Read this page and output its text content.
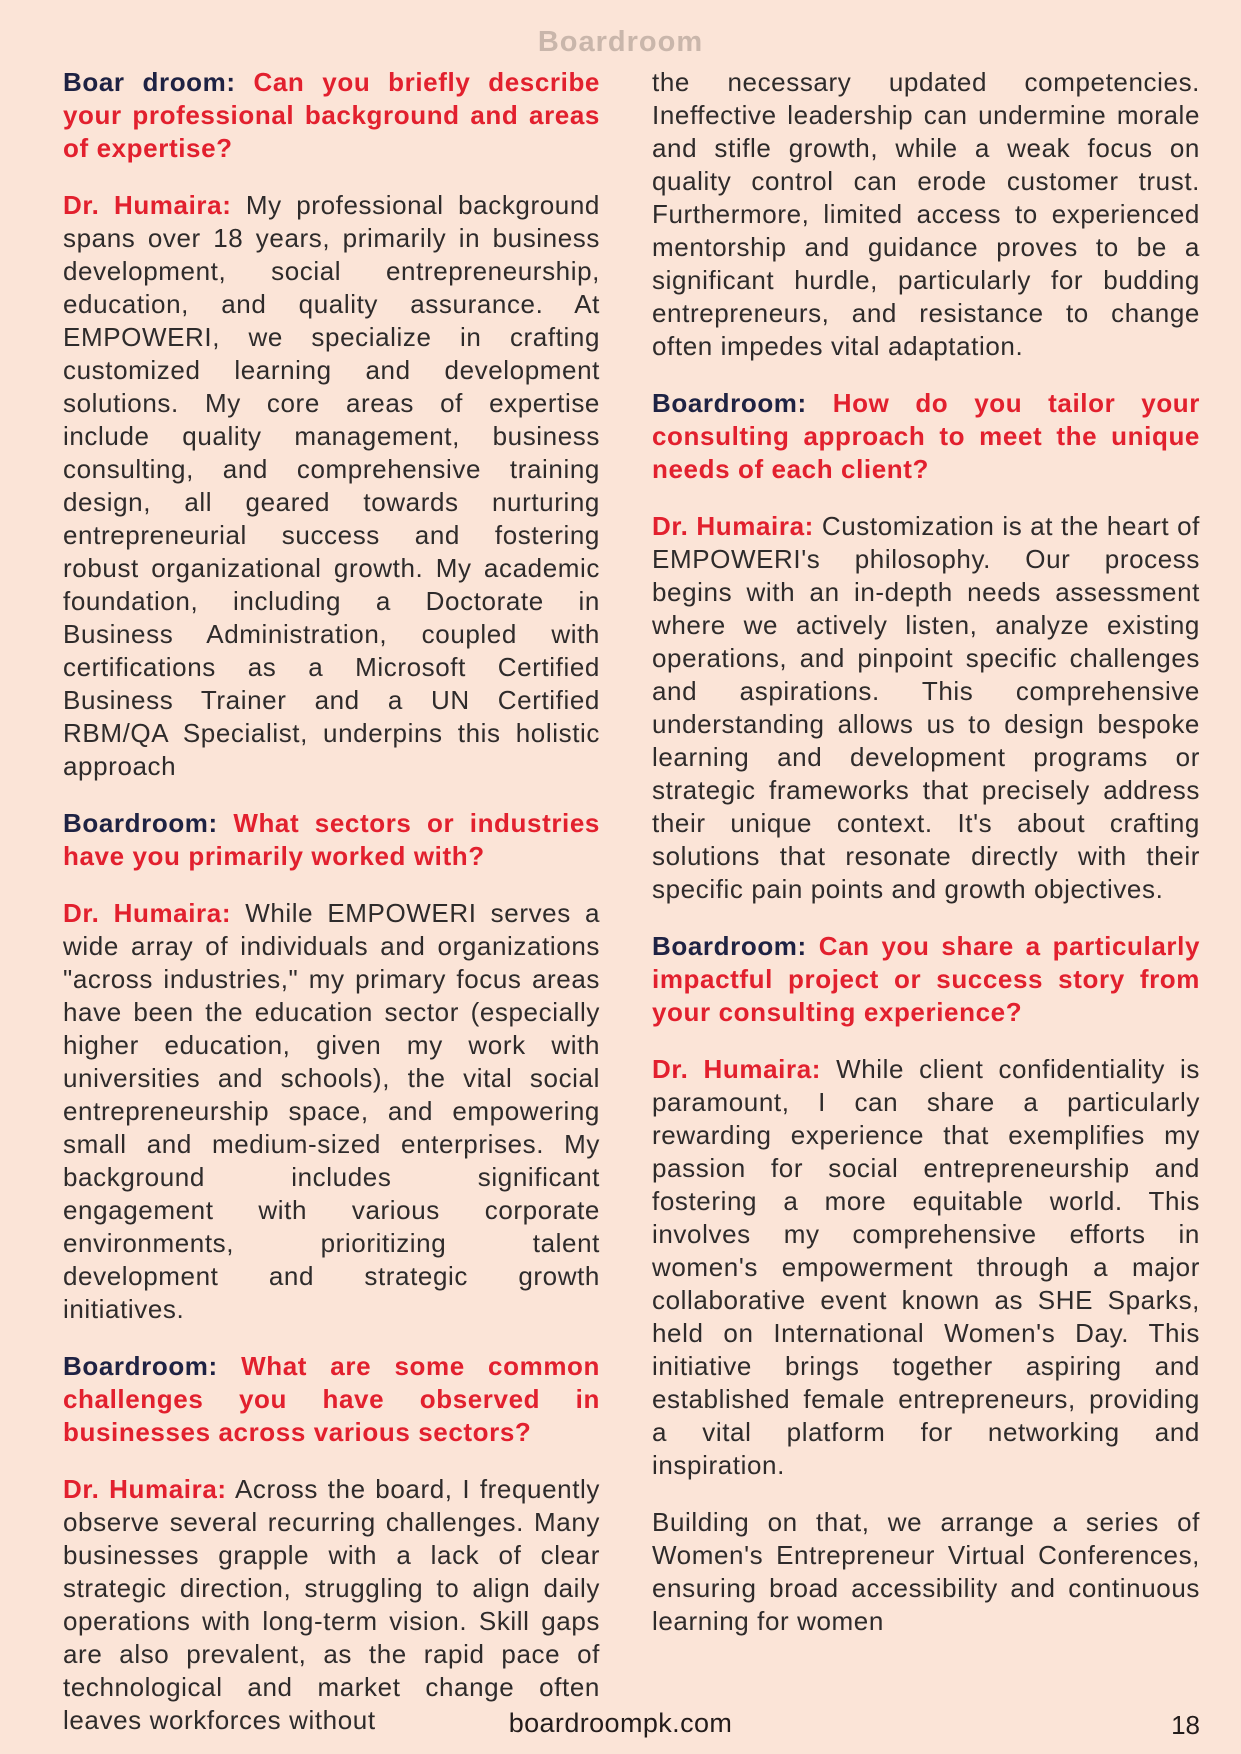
Boardroom

Boar droom: Can you briefly describe your professional background and areas of expertise?

Dr. Humaira: My professional background spans over 18 years, primarily in business development, social entrepreneurship, education, and quality assurance. At EMPOWERI, we specialize in crafting customized learning and development solutions. My core areas of expertise include quality management, business consulting, and comprehensive training design, all geared towards nurturing entrepreneurial success and fostering robust organizational growth. My academic foundation, including a Doctorate in Business Administration, coupled with certifications as a Microsoft Certified Business Trainer and a UN Certified RBM/QA Specialist, underpins this holistic approach

Boardroom: What sectors or industries have you primarily worked with?

Dr. Humaira: While EMPOWERI serves a wide array of individuals and organizations "across industries," my primary focus areas have been the education sector (especially higher education, given my work with universities and schools), the vital social entrepreneurship space, and empowering small and medium-sized enterprises. My background includes significant engagement with various corporate environments, prioritizing talent development and strategic growth initiatives.

Boardroom: What are some common challenges you have observed in businesses across various sectors?

Dr. Humaira: Across the board, I frequently observe several recurring challenges. Many businesses grapple with a lack of clear strategic direction, struggling to align daily operations with long-term vision. Skill gaps are also prevalent, as the rapid pace of technological and market change often leaves workforces without

the necessary updated competencies. Ineffective leadership can undermine morale and stifle growth, while a weak focus on quality control can erode customer trust. Furthermore, limited access to experienced mentorship and guidance proves to be a significant hurdle, particularly for budding entrepreneurs, and resistance to change often impedes vital adaptation.

Boardroom: How do you tailor your consulting approach to meet the unique needs of each client?

Dr. Humaira: Customization is at the heart of EMPOWERI's philosophy. Our process begins with an in-depth needs assessment where we actively listen, analyze existing operations, and pinpoint specific challenges and aspirations. This comprehensive understanding allows us to design bespoke learning and development programs or strategic frameworks that precisely address their unique context. It's about crafting solutions that resonate directly with their specific pain points and growth objectives.

Boardroom: Can you share a particularly impactful project or success story from your consulting experience?

Dr. Humaira: While client confidentiality is paramount, I can share a particularly rewarding experience that exemplifies my passion for social entrepreneurship and fostering a more equitable world. This involves my comprehensive efforts in women's empowerment through a major collaborative event known as SHE Sparks, held on International Women's Day. This initiative brings together aspiring and established female entrepreneurs, providing a vital platform for networking and inspiration.

Building on that, we arrange a series of Women's Entrepreneur Virtual Conferences, ensuring broad accessibility and continuous learning for women

boardroompk.com	18
